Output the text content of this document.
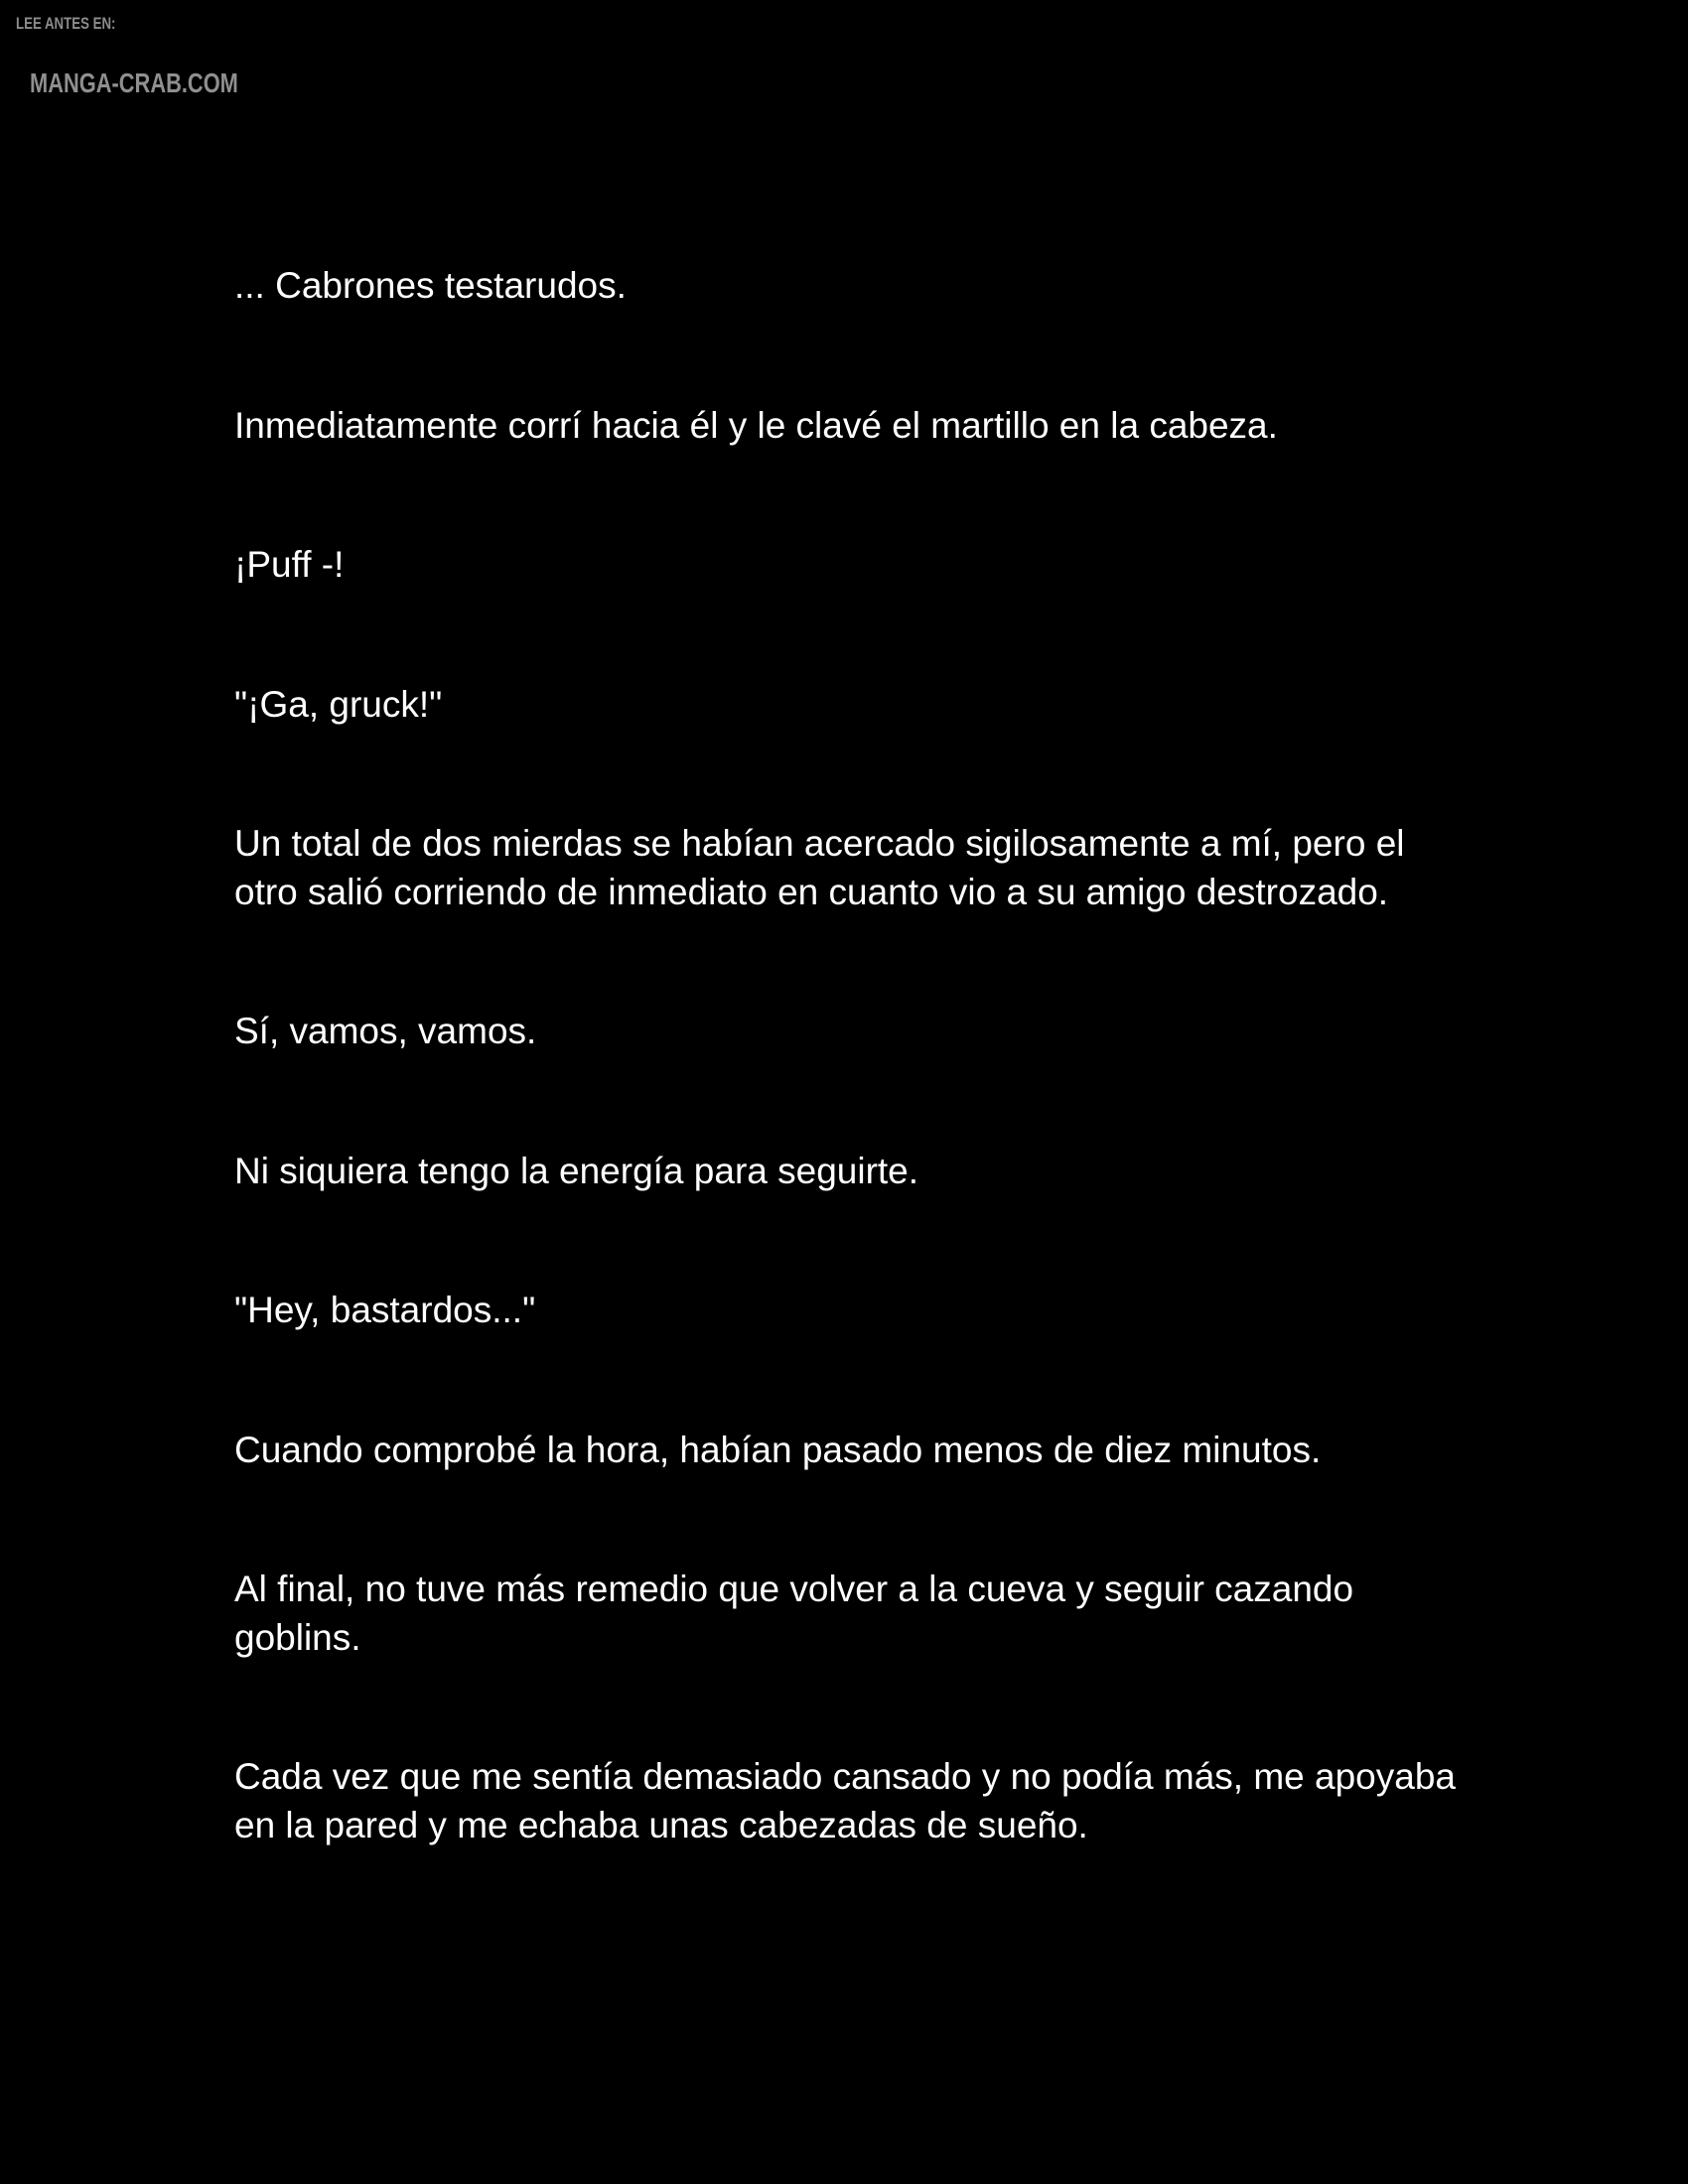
LEE ANTES EN:
MANGA-CRAB.COM

... Cabrones testarudos.

Inmediatamente corrí hacia él y le clavé el martillo en la cabeza.

¡Puff -!

"¡Ga, gruck!"

Un total de dos mierdas se habían acercado sigilosamente a mí, pero el otro salió corriendo de inmediato en cuanto vio a su amigo destrozado.

Sí, vamos, vamos.

Ni siquiera tengo la energía para seguirte.

"Hey, bastardos..."

Cuando comprobé la hora, habían pasado menos de diez minutos.

Al final, no tuve más remedio que volver a la cueva y seguir cazando goblins.

Cada vez que me sentía demasiado cansado y no podía más, me apoyaba en la pared y me echaba unas cabezadas de sueño.
